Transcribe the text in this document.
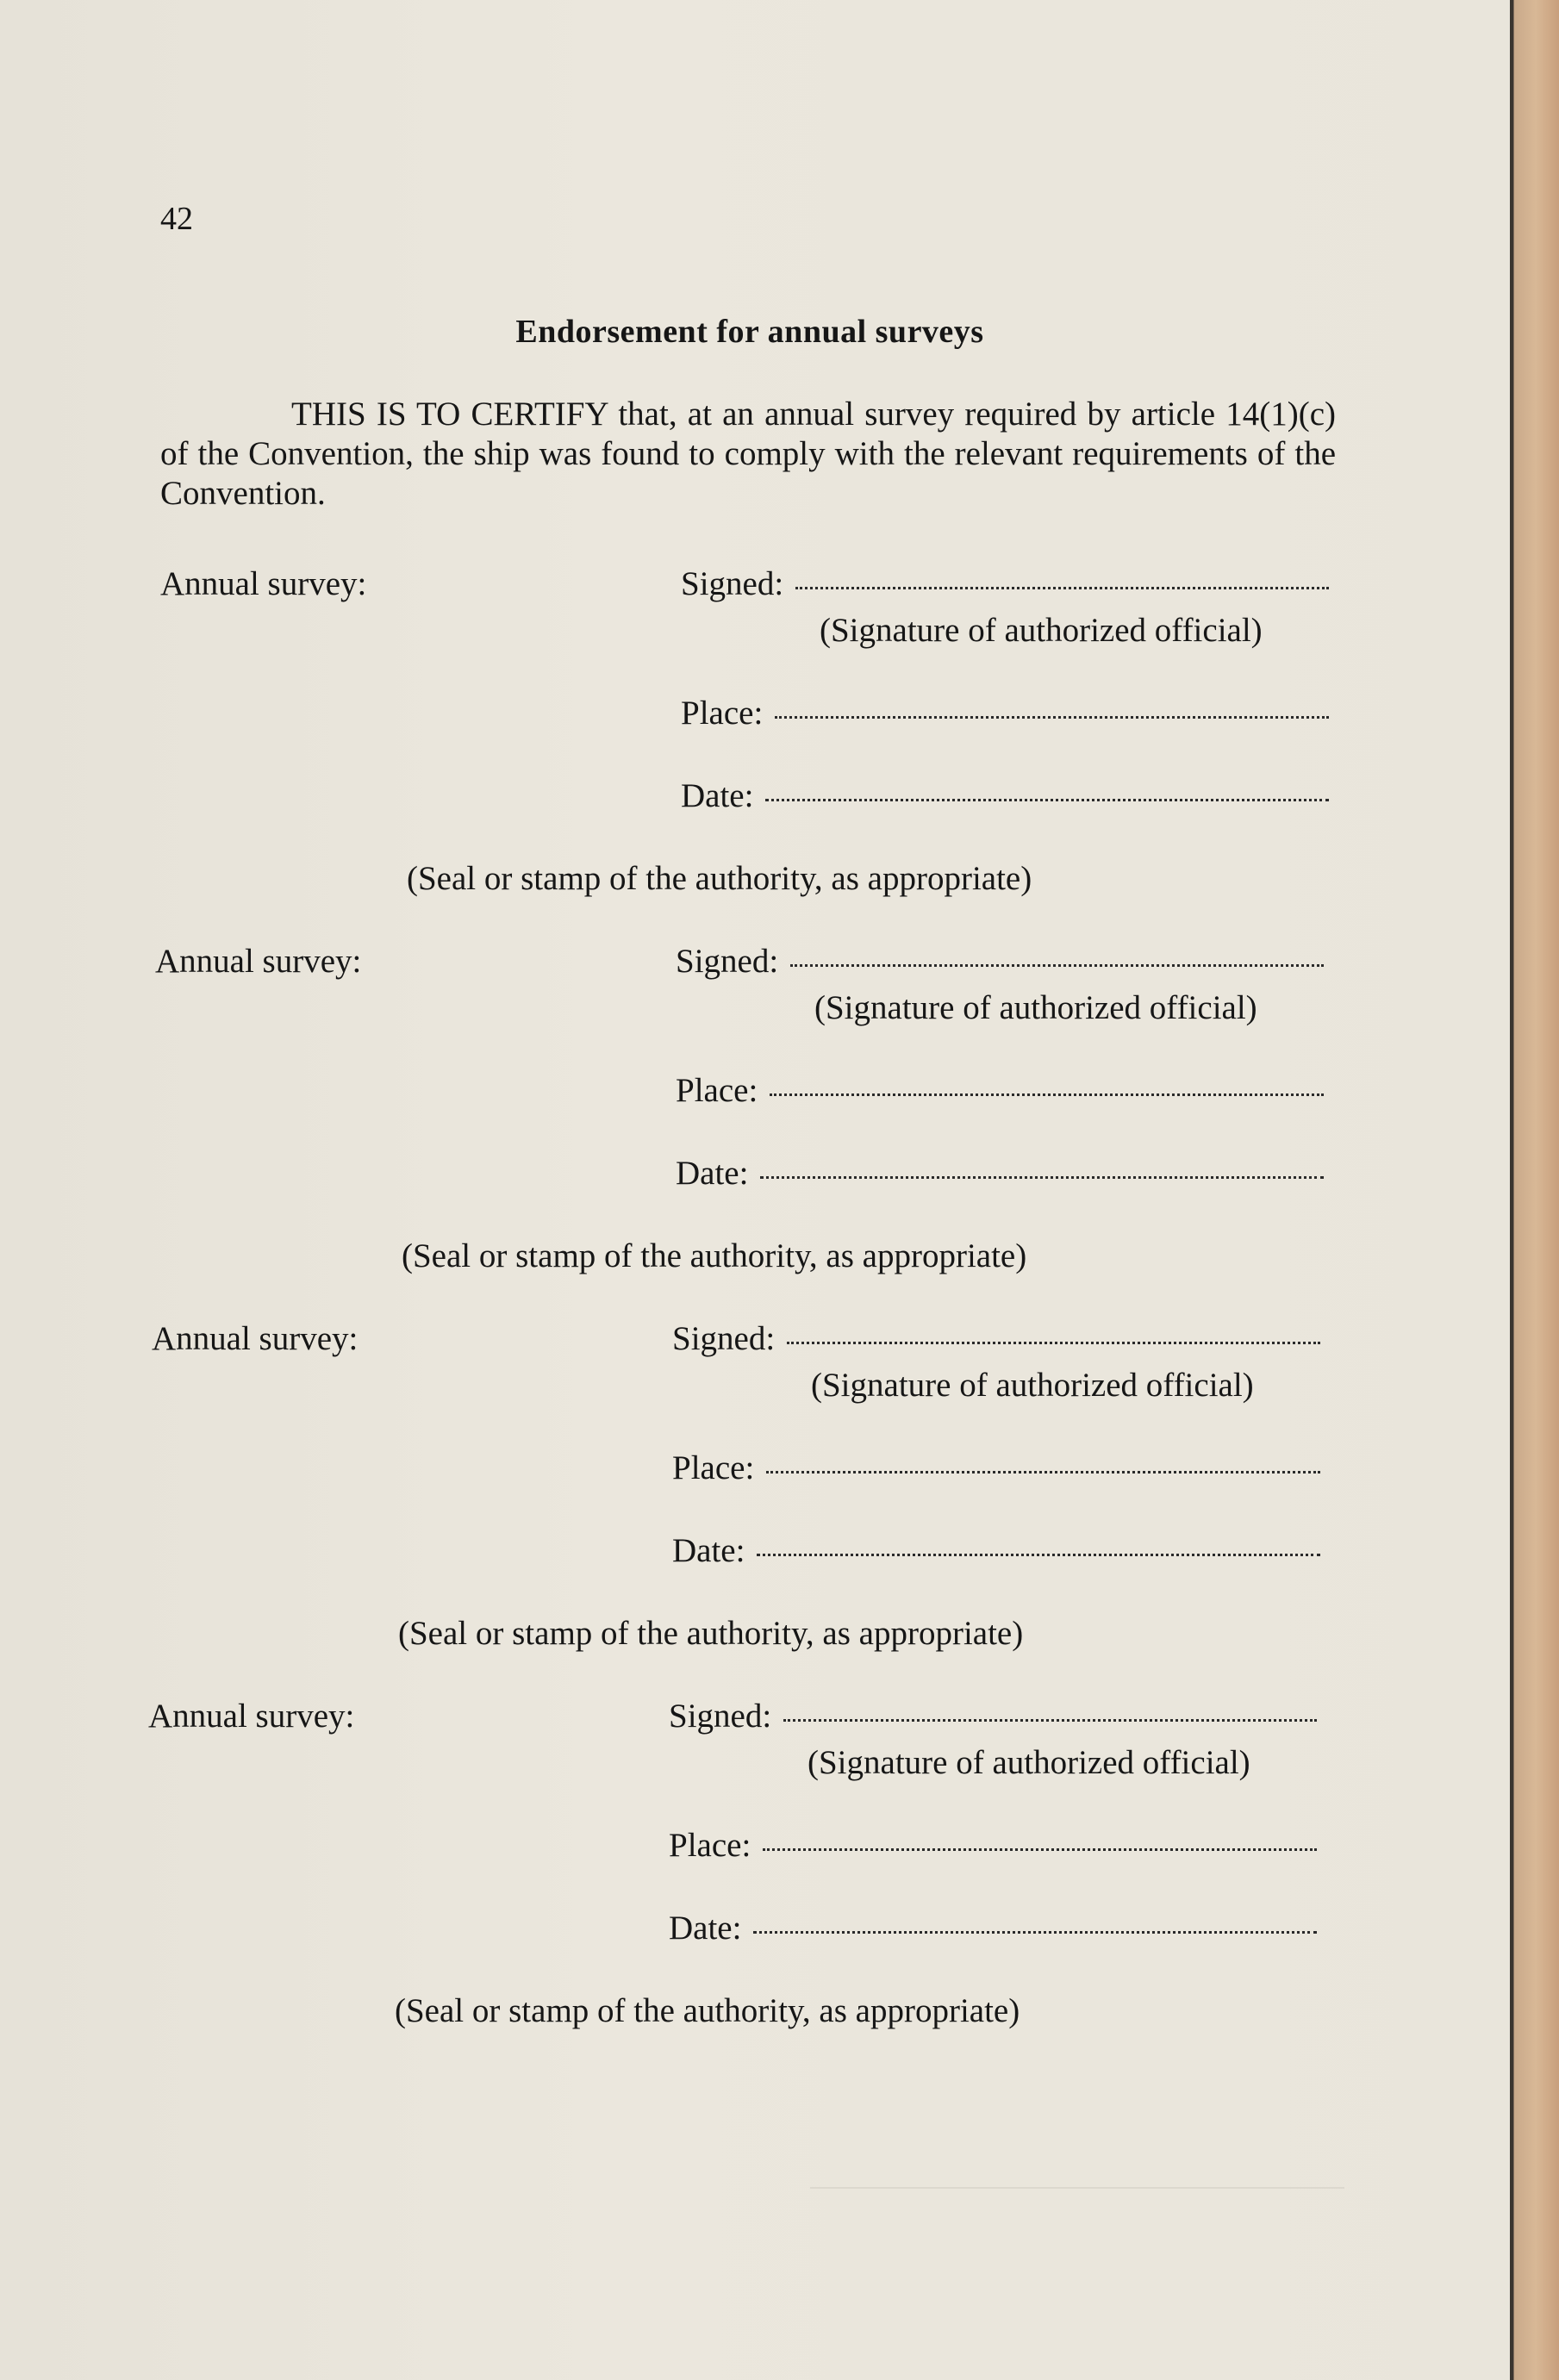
42
Endorsement for annual surveys
THIS IS TO CERTIFY that, at an annual survey required by article 14(1)(c) of the Convention, the ship was found to comply with the relevant requirements of the Convention.
Annual survey:	Signed:
(Signature of authorized official)
Place:
Date:
(Seal or stamp of the authority, as appropriate)
Annual survey:	Signed:
(Signature of authorized official)
Place:
Date:
(Seal or stamp of the authority, as appropriate)
Annual survey:	Signed:
(Signature of authorized official)
Place:
Date:
(Seal or stamp of the authority, as appropriate)
Annual survey:	Signed:
(Signature of authorized official)
Place:
Date:
(Seal or stamp of the authority, as appropriate)
